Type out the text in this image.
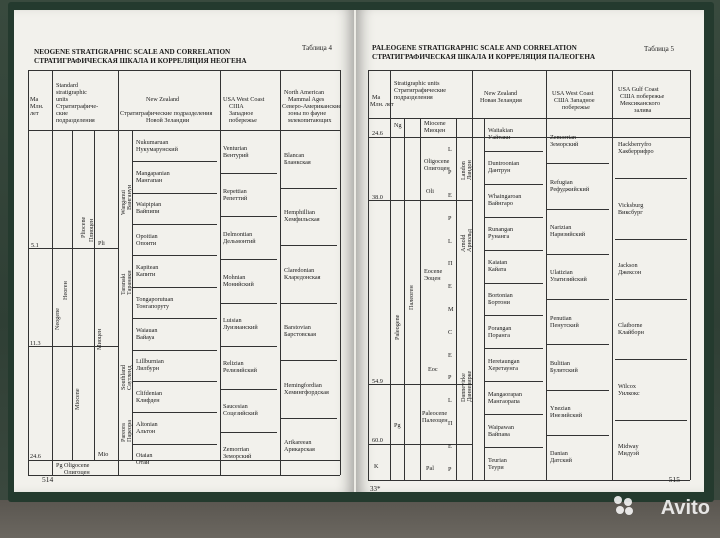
NEOGENE STRATIGRAPHIC SCALE AND CORRELATION
СТРАТИГРАФИЧЕСКАЯ ШКАЛА И КОРРЕЛЯЦИЯ НЕОГЕНА
Таблица 4
Ma
Млн.
лет
Standard
stratigraphic
units
Стратиграфиче-
ские
подразделения
New Zealand
Стратиграфические подразделения
Новой Зеландии
USA West Coast
CIIIA
Западное
побережье
North American
Mammal Ages
Северо-Американские
зоны по фауне
млекопитающих
5.1
11.3
24.6
Pliocene Плиоцен
Neogene
Неоген
Miocene
Миоцен
Pli
Mio
Pg Oligocene
Олигоцен
Wanganui Вангануи
Taranaki Таранаки
Southland Саутленд
Pareora Пареора
Nukumaruan
Нукумарунский
Mangapanian
Мангапан
Waipipian
Вайпипи
Opoitian
Опоити
Kapitean
Капити
Tongaporutuan
Тонгапоруту
Waiauan
Вайауа
Lillburnian
Лилбурн
Clifdenian
Клифден
Altonian
Альтон
Otaian
Отаи
Venturian
Вентурий
Repettian
Репеттий
Delmontian
Дельмонтий
Mohnian
Монийский
Luisian
Луизианский
Relizian
Релизийский
Saucesian
Соцезийский
Zemorrian
Земорский
Blancan
Бланкская
Hemphillian
Хемфильская
Claredonian
Кларедонская
Barstovian
Барстовская
Hemingfordian
Хемингфордская
Arikareean
Арикарская
514
PALEOGENE STRATIGRAPHIC SCALE AND CORRELATION
СТРАТИГРАФИЧЕСКАЯ ШКАЛА И КОРРЕЛЯЦИЯ ПАЛЕОГЕНА
Таблица 5
Ma
Млн. лет
Stratigraphic units
Стратиграфические
подразделения
New Zealand
Новая Зеландия
USA West Coast
США Западное
побережье
USA Gulf Coast
США побережье
Мексиканского
залива
24.6
38.0
54.9
60.0
Ng	Miocene
Миоцен
Oligocene
Олигоцен
Oli
Eocene
Эоцен
Eoc
Paleogene
Палеоген
Pg
Paleocene
Палеоцен
Pal
K
Landon Ландон
Arnold Арнольд
Dannevirke Данневирке
L
P
E
P
L
П
E
M
C
E
P
L
П
E
P
Waitakian
Уайтаки
Duntroonian
Дантрун
Whaingaroan
Вайнгаро
Runangan
Рунанга
Kaiatan
Кайата
Bortonian
Бортони
Porangan
Поранга
Heretaungan
Херетаунга
Mangaorapan
Мангаорапа
Waipawan
Вайпава
Teurian
Теури
Zemorrian
Земорский
Refugian
Рефуджийский
Narizian
Наризийский
Ulatizian
Улатизийский
Penutian
Пенутский
Bulitian
Булитский
Ynezian
Инезийский
Danian
Датский
Hackberryfro
Хакберрифро
Vicksburg
Виксбург
Jackson
Джексон
Claiborne
Клайборн
Wilcox
Уилкокс
Midway
Мидуэй
33*
515
Avito
